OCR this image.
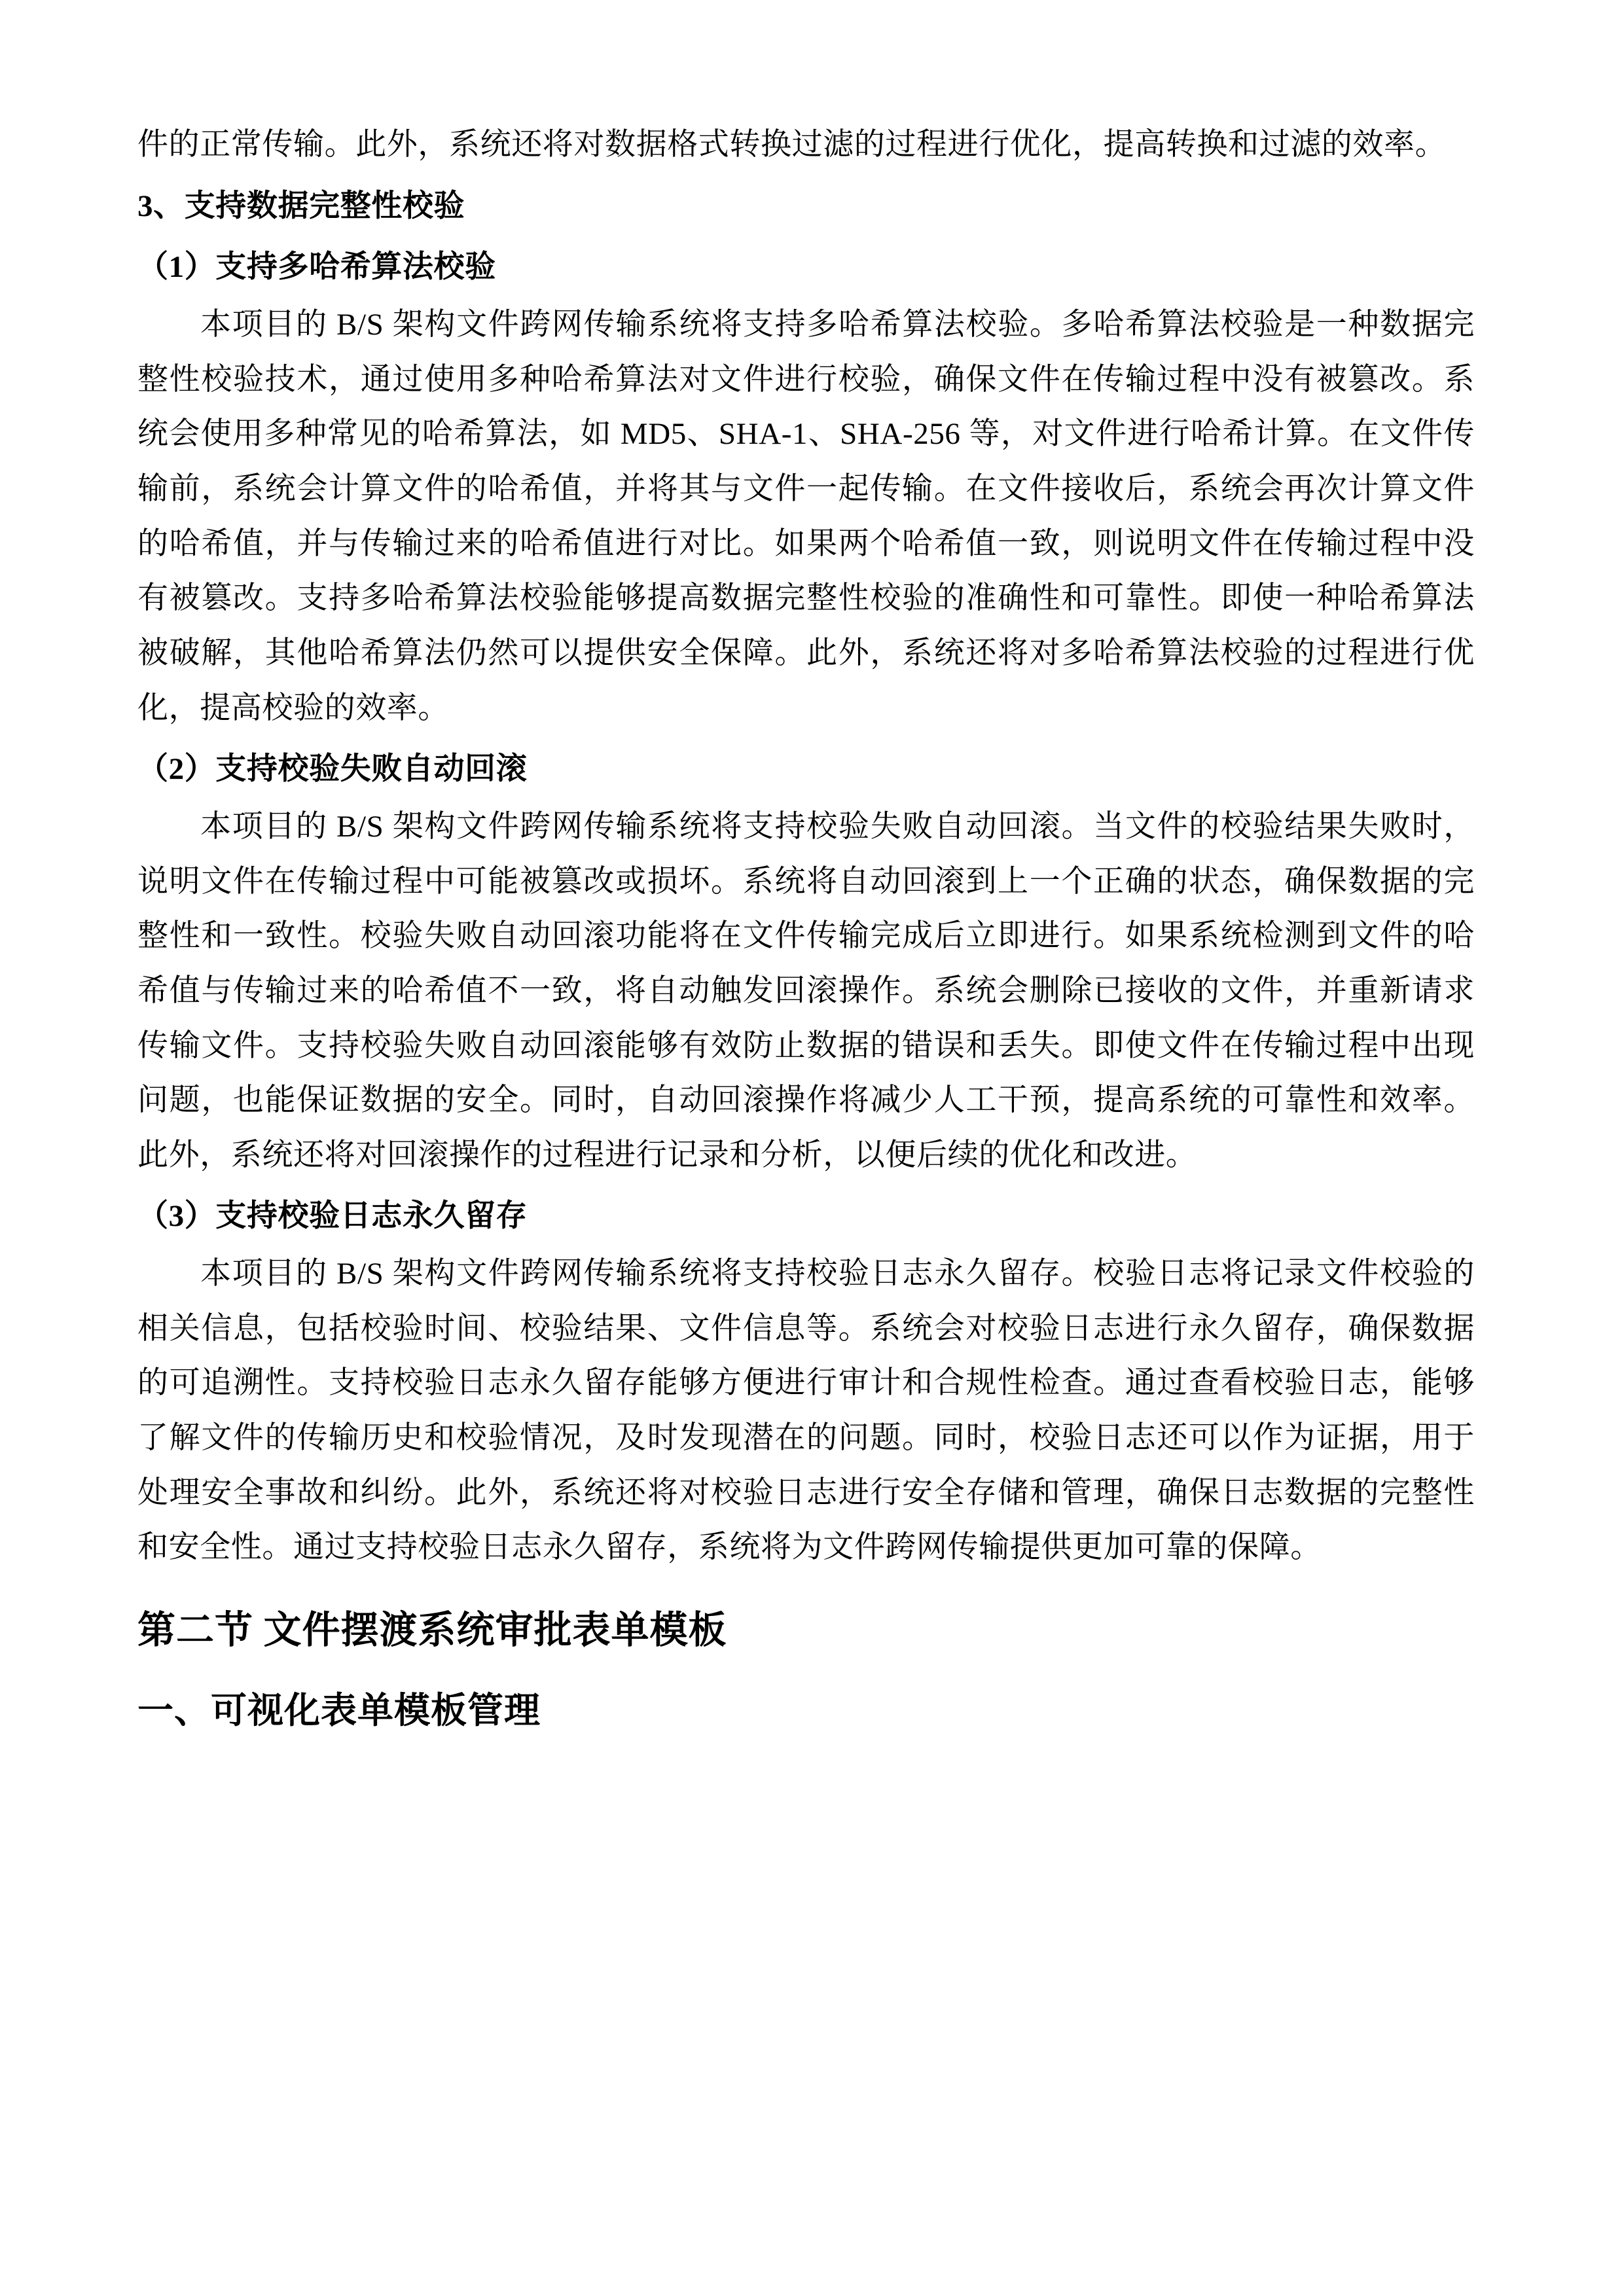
件的正常传输。此外，系统还将对数据格式转换过滤的过程进行优化，提高转换和过滤的效率。

3、支持数据完整性校验
（1）支持多哈希算法校验

本项目的 B/S 架构文件跨网传输系统将支持多哈希算法校验。多哈希算法校验是一种数据完整性校验技术，通过使用多种哈希算法对文件进行校验，确保文件在传输过程中没有被篡改。系统会使用多种常见的哈希算法，如 MD5、SHA-1、SHA-256 等，对文件进行哈希计算。在文件传输前，系统会计算文件的哈希值，并将其与文件一起传输。在文件接收后，系统会再次计算文件的哈希值，并与传输过来的哈希值进行对比。如果两个哈希值一致，则说明文件在传输过程中没有被篡改。支持多哈希算法校验能够提高数据完整性校验的准确性和可靠性。即使一种哈希算法被破解，其他哈希算法仍然可以提供安全保障。此外，系统还将对多哈希算法校验的过程进行优化，提高校验的效率。

（2）支持校验失败自动回滚

本项目的 B/S 架构文件跨网传输系统将支持校验失败自动回滚。当文件的校验结果失败时，说明文件在传输过程中可能被篡改或损坏。系统将自动回滚到上一个正确的状态，确保数据的完整性和一致性。校验失败自动回滚功能将在文件传输完成后立即进行。如果系统检测到文件的哈希值与传输过来的哈希值不一致，将自动触发回滚操作。系统会删除已接收的文件，并重新请求传输文件。支持校验失败自动回滚能够有效防止数据的错误和丢失。即使文件在传输过程中出现问题，也能保证数据的安全。同时，自动回滚操作将减少人工干预，提高系统的可靠性和效率。此外，系统还将对回滚操作的过程进行记录和分析，以便后续的优化和改进。

（3）支持校验日志永久留存

本项目的 B/S 架构文件跨网传输系统将支持校验日志永久留存。校验日志将记录文件校验的相关信息，包括校验时间、校验结果、文件信息等。系统会对校验日志进行永久留存，确保数据的可追溯性。支持校验日志永久留存能够方便进行审计和合规性检查。通过查看校验日志，能够了解文件的传输历史和校验情况，及时发现潜在的问题。同时，校验日志还可以作为证据，用于处理安全事故和纠纷。此外，系统还将对校验日志进行安全存储和管理，确保日志数据的完整性和安全性。通过支持校验日志永久留存，系统将为文件跨网传输提供更加可靠的保障。

第二节 文件摆渡系统审批表单模板
一、可视化表单模板管理
